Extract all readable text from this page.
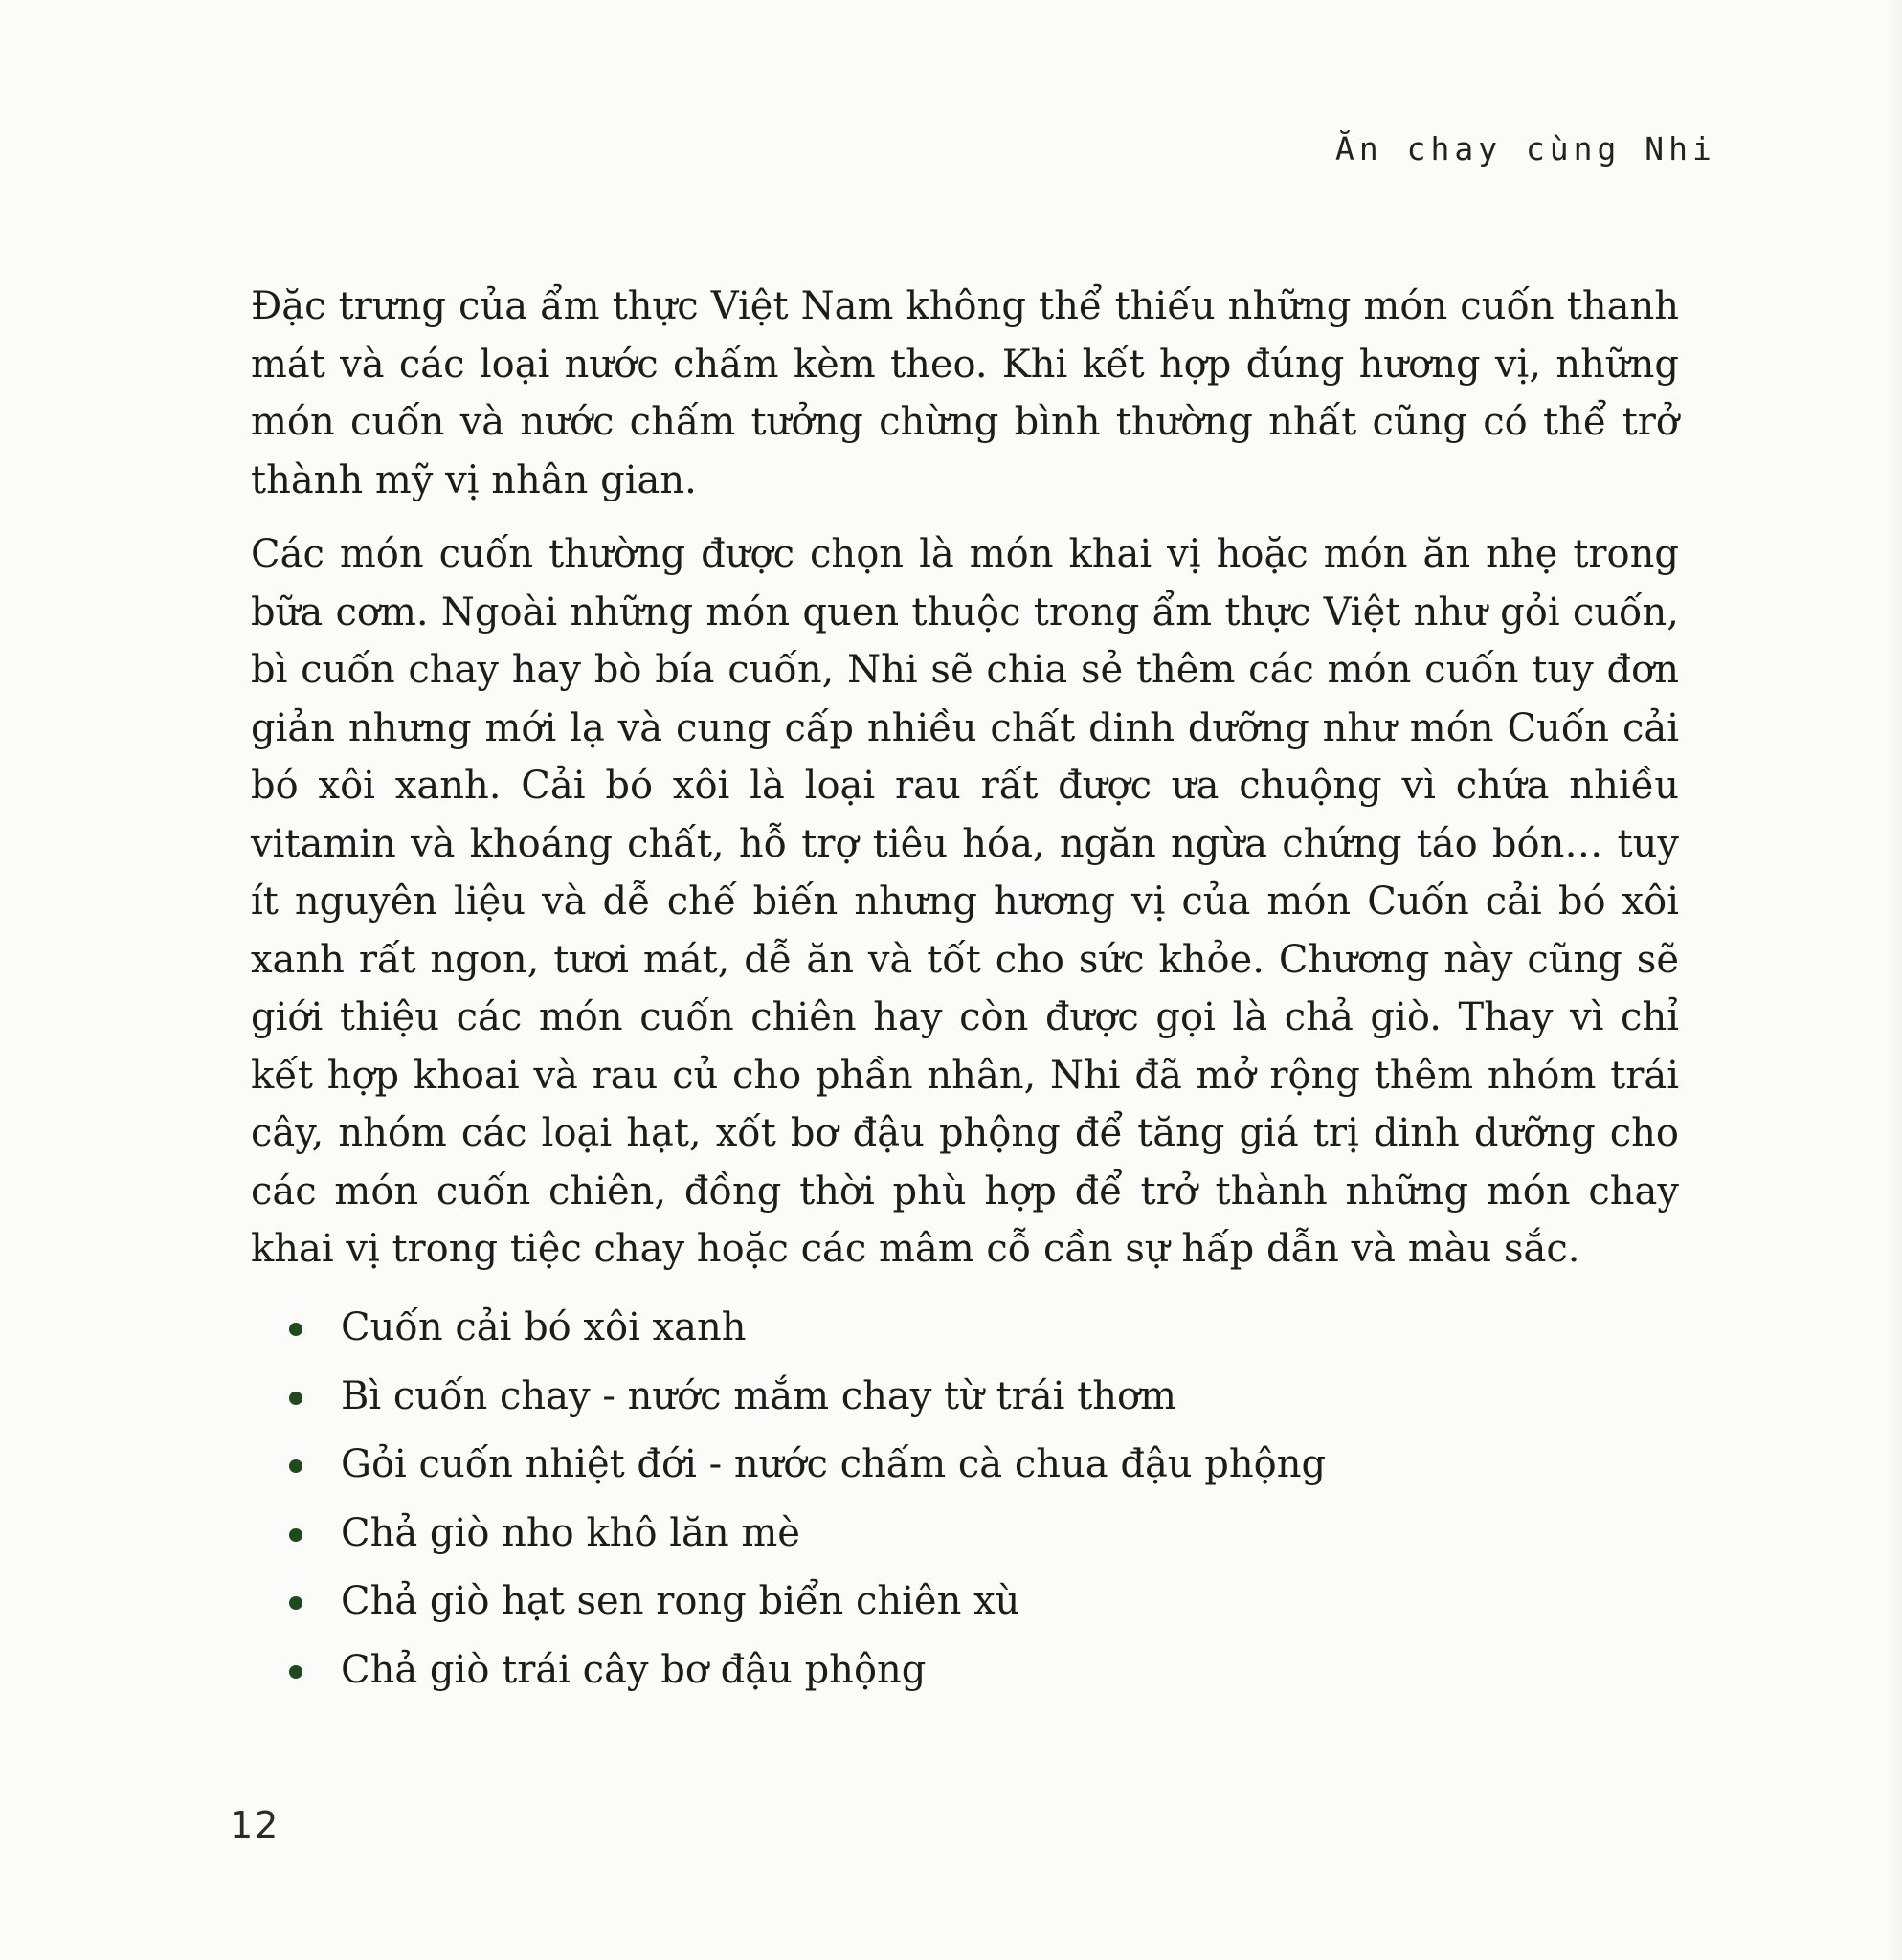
Ăn chay cùng Nhi

Đặc trưng của ẩm thực Việt Nam không thể thiếu những món cuốn thanh mát và các loại nước chấm kèm theo. Khi kết hợp đúng hương vị, những món cuốn và nước chấm tưởng chừng bình thường nhất cũng có thể trở thành mỹ vị nhân gian.

Các món cuốn thường được chọn là món khai vị hoặc món ăn nhẹ trong bữa cơm. Ngoài những món quen thuộc trong ẩm thực Việt như gỏi cuốn, bì cuốn chay hay bò bía cuốn, Nhi sẽ chia sẻ thêm các món cuốn tuy đơn giản nhưng mới lạ và cung cấp nhiều chất dinh dưỡng như món Cuốn cải bó xôi xanh. Cải bó xôi là loại rau rất được ưa chuộng vì chứa nhiều vitamin và khoáng chất, hỗ trợ tiêu hóa, ngăn ngừa chứng táo bón… tuy ít nguyên liệu và dễ chế biến nhưng hương vị của món Cuốn cải bó xôi xanh rất ngon, tươi mát, dễ ăn và tốt cho sức khỏe. Chương này cũng sẽ giới thiệu các món cuốn chiên hay còn được gọi là chả giò. Thay vì chỉ kết hợp khoai và rau củ cho phần nhân, Nhi đã mở rộng thêm nhóm trái cây, nhóm các loại hạt, xốt bơ đậu phộng để tăng giá trị dinh dưỡng cho các món cuốn chiên, đồng thời phù hợp để trở thành những món chay khai vị trong tiệc chay hoặc các mâm cỗ cần sự hấp dẫn và màu sắc.

Cuốn cải bó xôi xanh
Bì cuốn chay - nước mắm chay từ trái thơm
Gỏi cuốn nhiệt đới - nước chấm cà chua đậu phộng
Chả giò nho khô lăn mè
Chả giò hạt sen rong biển chiên xù
Chả giò trái cây bơ đậu phộng
12
